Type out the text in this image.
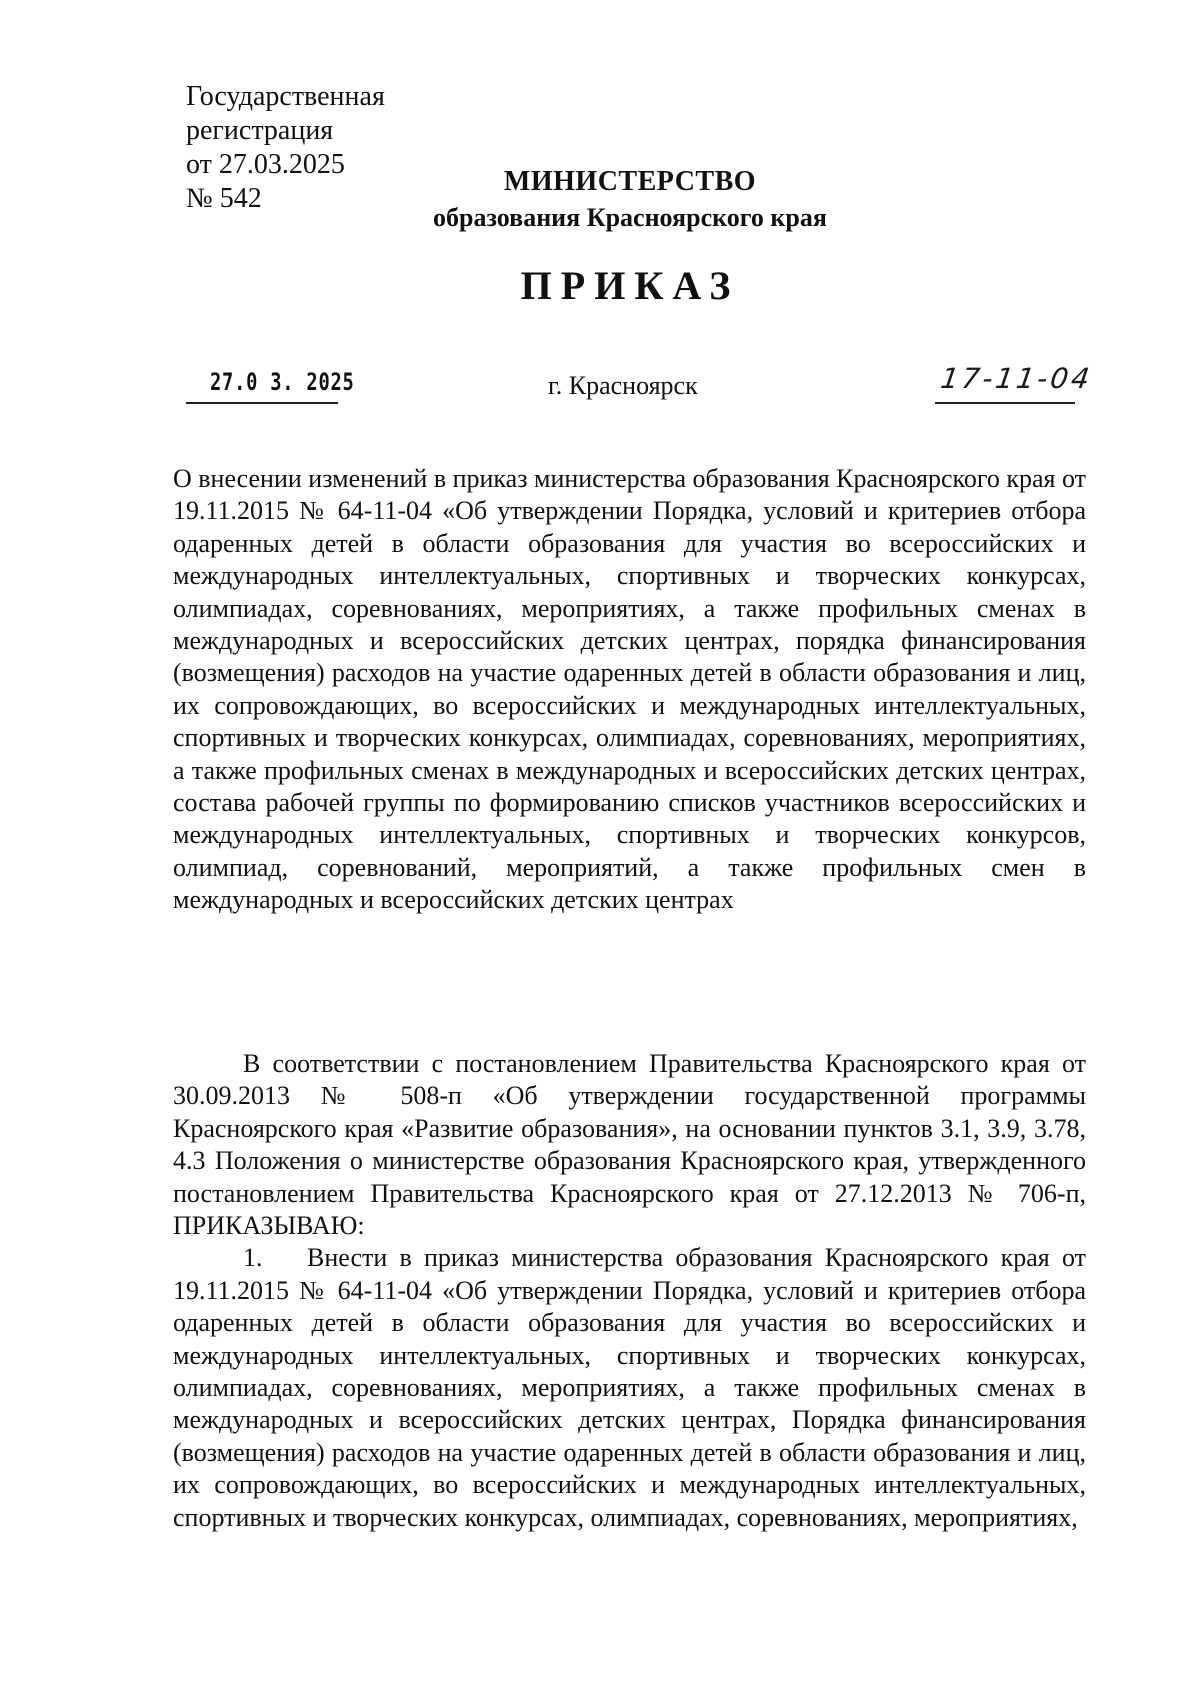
Государственная
регистрация
от 27.03.2025
№ 542
МИНИСТЕРСТВО
образования Красноярского края
ПРИКАЗ
27.0 3. 2025	г. Красноярск	17-11-04
О внесении изменений в приказ министерства образования Красноярского края от 19.11.2015 № 64-11-04 «Об утверждении Порядка, условий и критериев отбора одаренных детей в области образования для участия во всероссийских и международных интеллектуальных, спортивных и творческих конкурсах, олимпиадах, соревнованиях, мероприятиях, а также профильных сменах в международных и всероссийских детских центрах, порядка финансирования (возмещения) расходов на участие одаренных детей в области образования и лиц, их сопровождающих, во всероссийских и международных интеллектуальных, спортивных и творческих конкурсах, олимпиадах, соревнованиях, мероприятиях, а также профильных сменах в международных и всероссийских детских центрах, состава рабочей группы по формированию списков участников всероссийских и международных интеллектуальных, спортивных и творческих конкурсов, олимпиад, соревнований, мероприятий, а также профильных смен в международных и всероссийских детских центрах

В соответствии с постановлением Правительства Красноярского края от 30.09.2013 № 508-п «Об утверждении государственной программы Красноярского края «Развитие образования», на основании пунктов 3.1, 3.9, 3.78, 4.3 Положения о министерстве образования Красноярского края, утвержденного постановлением Правительства Красноярского края от 27.12.2013 № 706-п, ПРИКАЗЫВАЮ:

1. Внести в приказ министерства образования Красноярского края от 19.11.2015 № 64-11-04 «Об утверждении Порядка, условий и критериев отбора одаренных детей в области образования для участия во всероссийских и международных интеллектуальных, спортивных и творческих конкурсах, олимпиадах, соревнованиях, мероприятиях, а также профильных сменах в международных и всероссийских детских центрах, Порядка финансирования (возмещения) расходов на участие одаренных детей в области образования и лиц, их сопровождающих, во всероссийских и международных интеллектуальных, спортивных и творческих конкурсах, олимпиадах, соревнованиях, мероприятиях,
